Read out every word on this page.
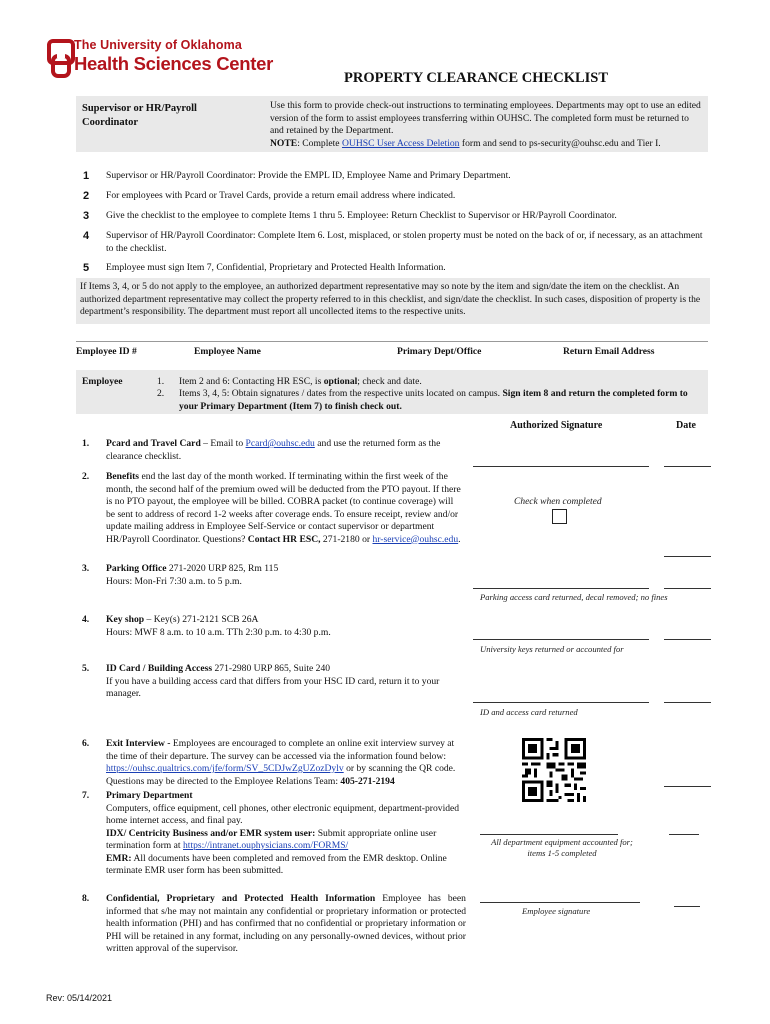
The University of Oklahoma
Health Sciences Center
PROPERTY CLEARANCE CHECKLIST
Supervisor or HR/Payroll Coordinator
Use this form to provide check-out instructions to terminating employees. Departments may opt to use an edited version of the form to assist employees transferring within OUHSC. The completed form must be returned to and retained by the Department.
NOTE: Complete OUHSC User Access Deletion form and send to ps-security@ouhsc.edu and Tier I.
1 Supervisor or HR/Payroll Coordinator: Provide the EMPL ID, Employee Name and Primary Department.
2 For employees with Pcard or Travel Cards, provide a return email address where indicated.
3 Give the checklist to the employee to complete Items 1 thru 5. Employee: Return Checklist to Supervisor or HR/Payroll Coordinator.
4 Supervisor of HR/Payroll Coordinator: Complete Item 6. Lost, misplaced, or stolen property must be noted on the back of or, if necessary, as an attachment to the checklist.
5 Employee must sign Item 7, Confidential, Proprietary and Protected Health Information.
If Items 3, 4, or 5 do not apply to the employee, an authorized department representative may so note by the item and sign/date the item on the checklist. An authorized department representative may collect the property referred to in this checklist, and sign/date the checklist. In such cases, disposition of property is the department’s responsibility. The department must report all uncollected items to the respective units.
Employee ID #	Employee Name	Primary Dept/Office	Return Email Address
Employee	1. Item 2 and 6: Contacting HR ESC, is optional; check and date.
2. Items 3, 4, 5: Obtain signatures / dates from the respective units located on campus. Sign item 8 and return the completed form to your Primary Department (Item 7) to finish check out.
Authorized Signature	Date
1. Pcard and Travel Card – Email to Pcard@ouhsc.edu and use the returned form as the clearance checklist.
2. Benefits end the last day of the month worked. If terminating within the first week of the month, the second half of the premium owed will be deducted from the PTO payout. If there is no PTO payout, the employee will be billed. COBRA packet (to continue coverage) will be sent to address of record 1-2 weeks after coverage ends. To ensure receipt, review and/or update mailing address in Employee Self-Service or contact supervisor or department HR/Payroll Coordinator. Questions? Contact HR ESC, 271-2180 or hr-service@ouhsc.edu.
Check when completed
3. Parking Office 271-2020 URP 825, Rm 115
Hours: Mon-Fri 7:30 a.m. to 5 p.m.
Parking access card returned, decal removed; no fines
4. Key shop – Key(s) 271-2121 SCB 26A
Hours: MWF 8 a.m. to 10 a.m. TTh 2:30 p.m. to 4:30 p.m.
University keys returned or accounted for
5. ID Card / Building Access 271-2980 URP 865, Suite 240
If you have a building access card that differs from your HSC ID card, return it to your manager.
ID and access card returned
6. Exit Interview - Employees are encouraged to complete an online exit interview survey at the time of their departure. The survey can be accessed via the information found below: https://ouhsc.qualtrics.com/jfe/form/SV_5CDJwZgUZozDylv or by scanning the QR code. Questions may be directed to the Employee Relations Team: 405-271-2194
7. Primary Department
Computers, office equipment, cell phones, other electronic equipment, department-provided home internet access, and final pay.
IDX/ Centricity Business and/or EMR system user: Submit appropriate online user termination form at https://intranet.ouphysicians.com/FORMS/
EMR: All documents have been completed and removed from the EMR desktop. Online terminate EMR user form has been submitted.
All department equipment accounted for; items 1-5 completed
8. Confidential, Proprietary and Protected Health Information Employee has been informed that s/he may not maintain any confidential or proprietary information or protected health information (PHI) and has confirmed that no confidential or proprietary information or PHI will be retained in any format, including on any personally-owned devices, without prior written approval of the supervisor.
Employee signature
Rev: 05/14/2021
